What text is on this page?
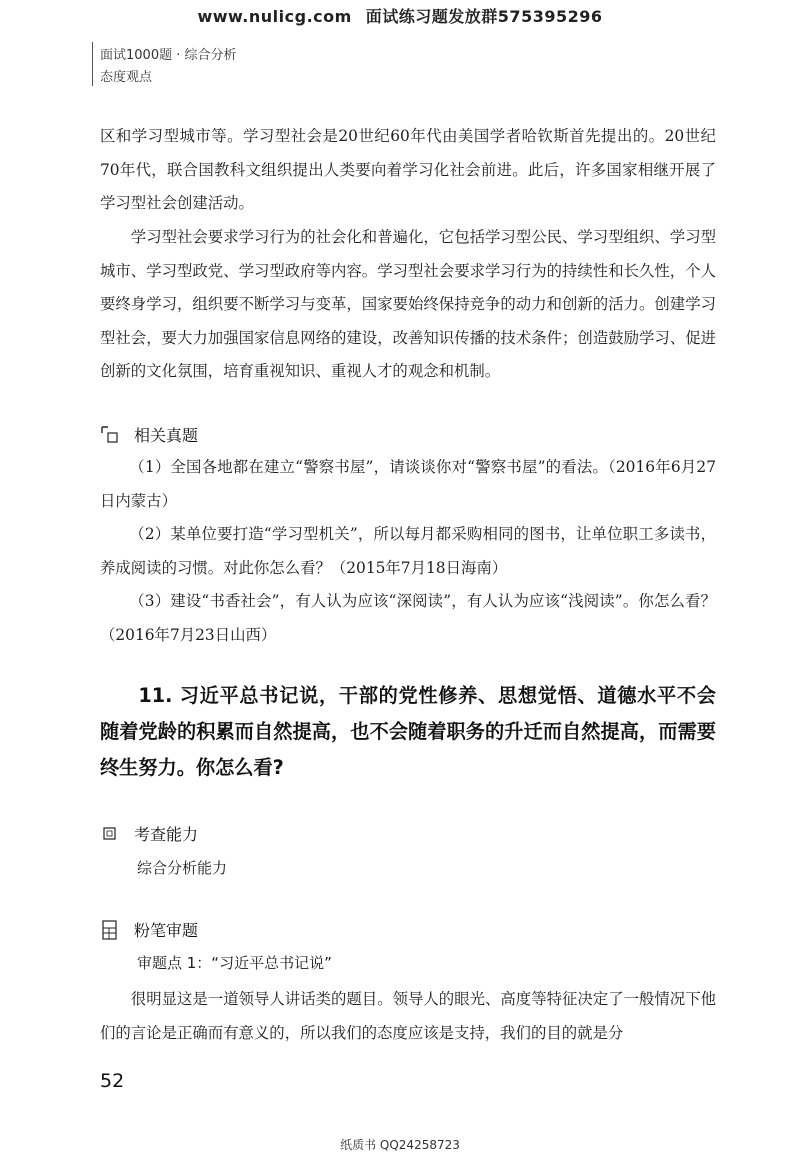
www.nulicg.com 面试练习题发放群575395296
面试1000题 · 综合分析
态度观点
区和学习型城市等。学习型社会是20世纪60年代由美国学者哈钦斯首先提出的。20世纪70年代，联合国教科文组织提出人类要向着学习化社会前进。此后，许多国家相继开展了学习型社会创建活动。
学习型社会要求学习行为的社会化和普遍化，它包括学习型公民、学习型组织、学习型城市、学习型政党、学习型政府等内容。学习型社会要求学习行为的持续性和长久性，个人要终身学习，组织要不断学习与变革，国家要始终保持竞争的动力和创新的活力。创建学习型社会，要大力加强国家信息网络的建设，改善知识传播的技术条件；创造鼓励学习、促进创新的文化氛围，培育重视知识、重视人才的观念和机制。
相关真题
（1）全国各地都在建立“警察书屋”，请谈谈你对“警察书屋”的看法。（2016年6月27日内蒙古）
（2）某单位要打造“学习型机关”，所以每月都采购相同的图书，让单位职工多读书，养成阅读的习惯。对此你怎么看？（2015年7月18日海南）
（3）建设“书香社会”，有人认为应该“深阅读”，有人认为应该“浅阅读”。你怎么看？（2016年7月23日山西）
11. 习近平总书记说，干部的党性修养、思想觉悟、道德水平不会随着党龄的积累而自然提高，也不会随着职务的升迁而自然提高，而需要终生努力。你怎么看?
考查能力
综合分析能力
粉笔审题
审题点 1：“习近平总书记说”
很明显这是一道领导人讲话类的题目。领导人的眼光、高度等特征决定了一般情况下他们的言论是正确而有意义的，所以我们的态度应该是支持，我们的目的就是分
52
纸质书 QQ24258723
